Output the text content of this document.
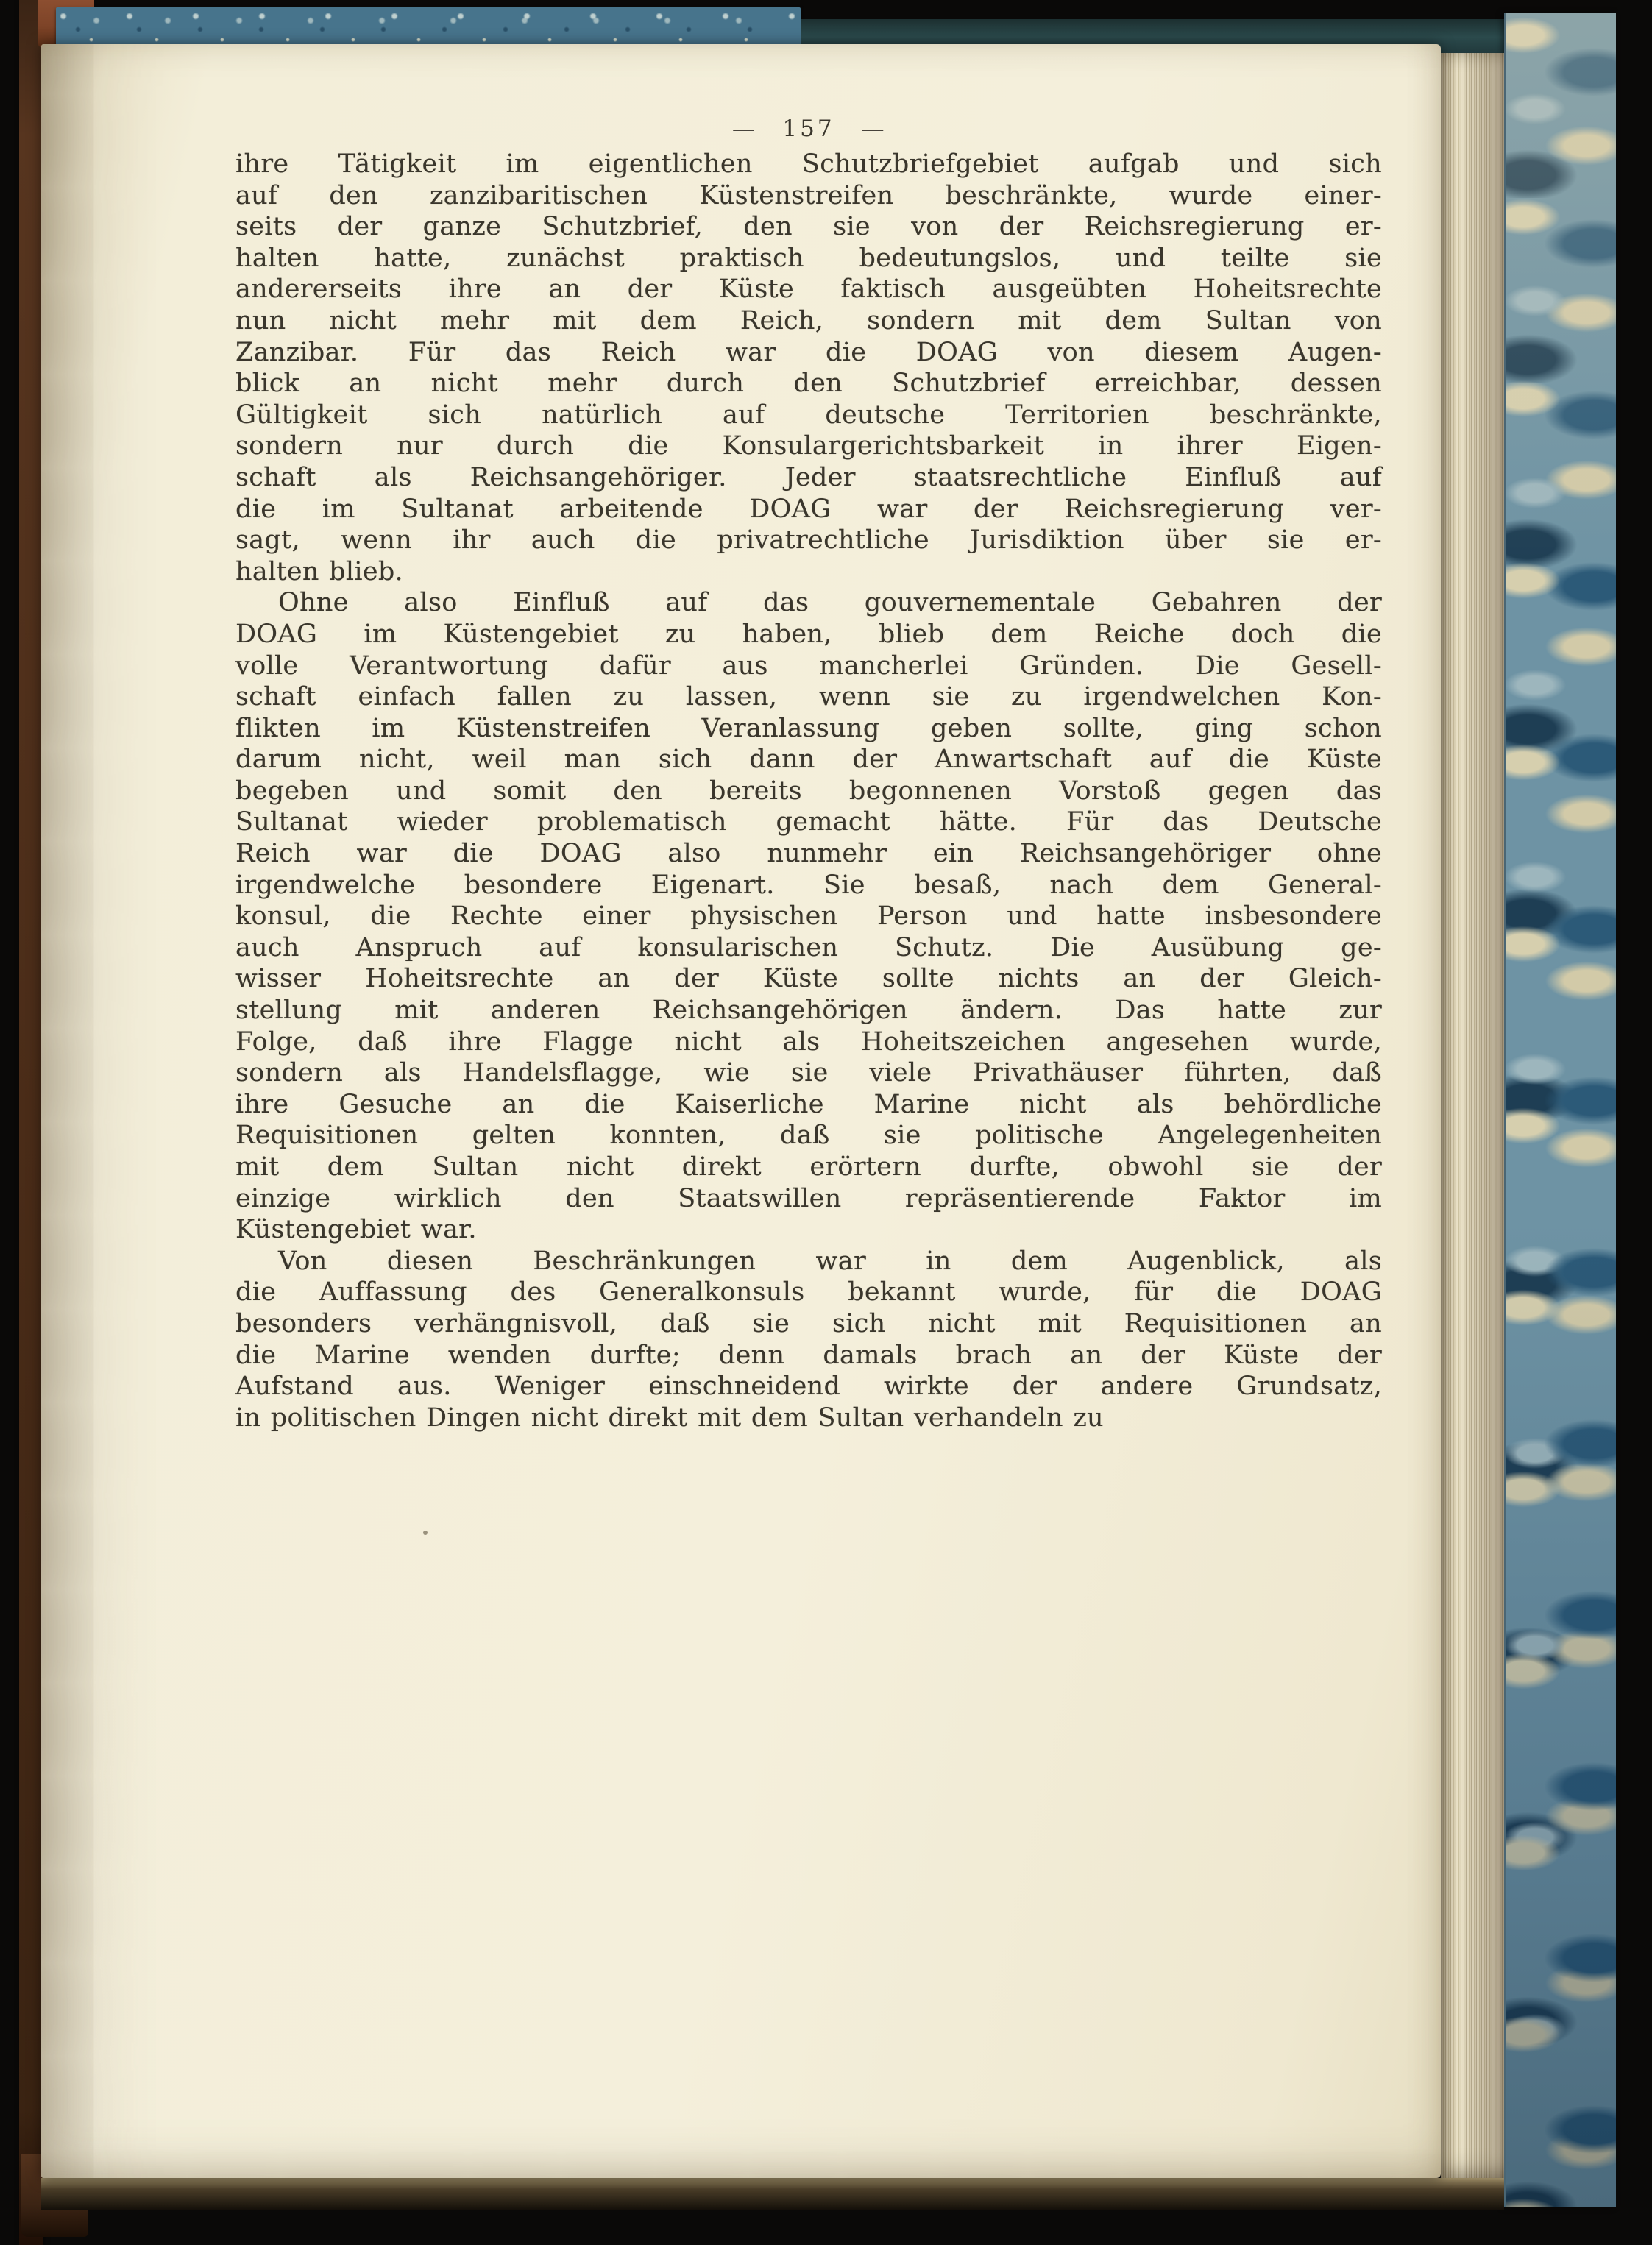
— 157 —

ihre Tätigkeit im eigentlichen Schutzbriefgebiet aufgab und sich
auf den zanzibaritischen Küstenstreifen beschränkte, wurde einer-
seits der ganze Schutzbrief, den sie von der Reichsregierung er-
halten hatte, zunächst praktisch bedeutungslos, und teilte sie
andererseits ihre an der Küste faktisch ausgeübten Hoheitsrechte
nun nicht mehr mit dem Reich, sondern mit dem Sultan von
Zanzibar. Für das Reich war die DOAG von diesem Augen-
blick an nicht mehr durch den Schutzbrief erreichbar, dessen
Gültigkeit sich natürlich auf deutsche Territorien beschränkte,
sondern nur durch die Konsulargerichtsbarkeit in ihrer Eigen-
schaft als Reichsangehöriger. Jeder staatsrechtliche Einfluß auf
die im Sultanat arbeitende DOAG war der Reichsregierung ver-
sagt, wenn ihr auch die privatrechtliche Jurisdiktion über sie er-
halten blieb.

Ohne also Einfluß auf das gouvernementale Gebahren der
DOAG im Küstengebiet zu haben, blieb dem Reiche doch die
volle Verantwortung dafür aus mancherlei Gründen. Die Gesell-
schaft einfach fallen zu lassen, wenn sie zu irgendwelchen Kon-
flikten im Küstenstreifen Veranlassung geben sollte, ging schon
darum nicht, weil man sich dann der Anwartschaft auf die Küste
begeben und somit den bereits begonnenen Vorstoß gegen das
Sultanat wieder problematisch gemacht hätte. Für das Deutsche
Reich war die DOAG also nunmehr ein Reichsangehöriger ohne
irgendwelche besondere Eigenart. Sie besaß, nach dem General-
konsul, die Rechte einer physischen Person und hatte insbesondere
auch Anspruch auf konsularischen Schutz. Die Ausübung ge-
wisser Hoheitsrechte an der Küste sollte nichts an der Gleich-
stellung mit anderen Reichsangehörigen ändern. Das hatte zur
Folge, daß ihre Flagge nicht als Hoheitszeichen angesehen wurde,
sondern als Handelsflagge, wie sie viele Privathäuser führten, daß
ihre Gesuche an die Kaiserliche Marine nicht als behördliche
Requisitionen gelten konnten, daß sie politische Angelegenheiten
mit dem Sultan nicht direkt erörtern durfte, obwohl sie der
einzige wirklich den Staatswillen repräsentierende Faktor im
Küstengebiet war.

Von diesen Beschränkungen war in dem Augenblick, als
die Auffassung des Generalkonsuls bekannt wurde, für die DOAG
besonders verhängnisvoll, daß sie sich nicht mit Requisitionen an
die Marine wenden durfte; denn damals brach an der Küste der
Aufstand aus. Weniger einschneidend wirkte der andere Grundsatz,
in politischen Dingen nicht direkt mit dem Sultan verhandeln zu
